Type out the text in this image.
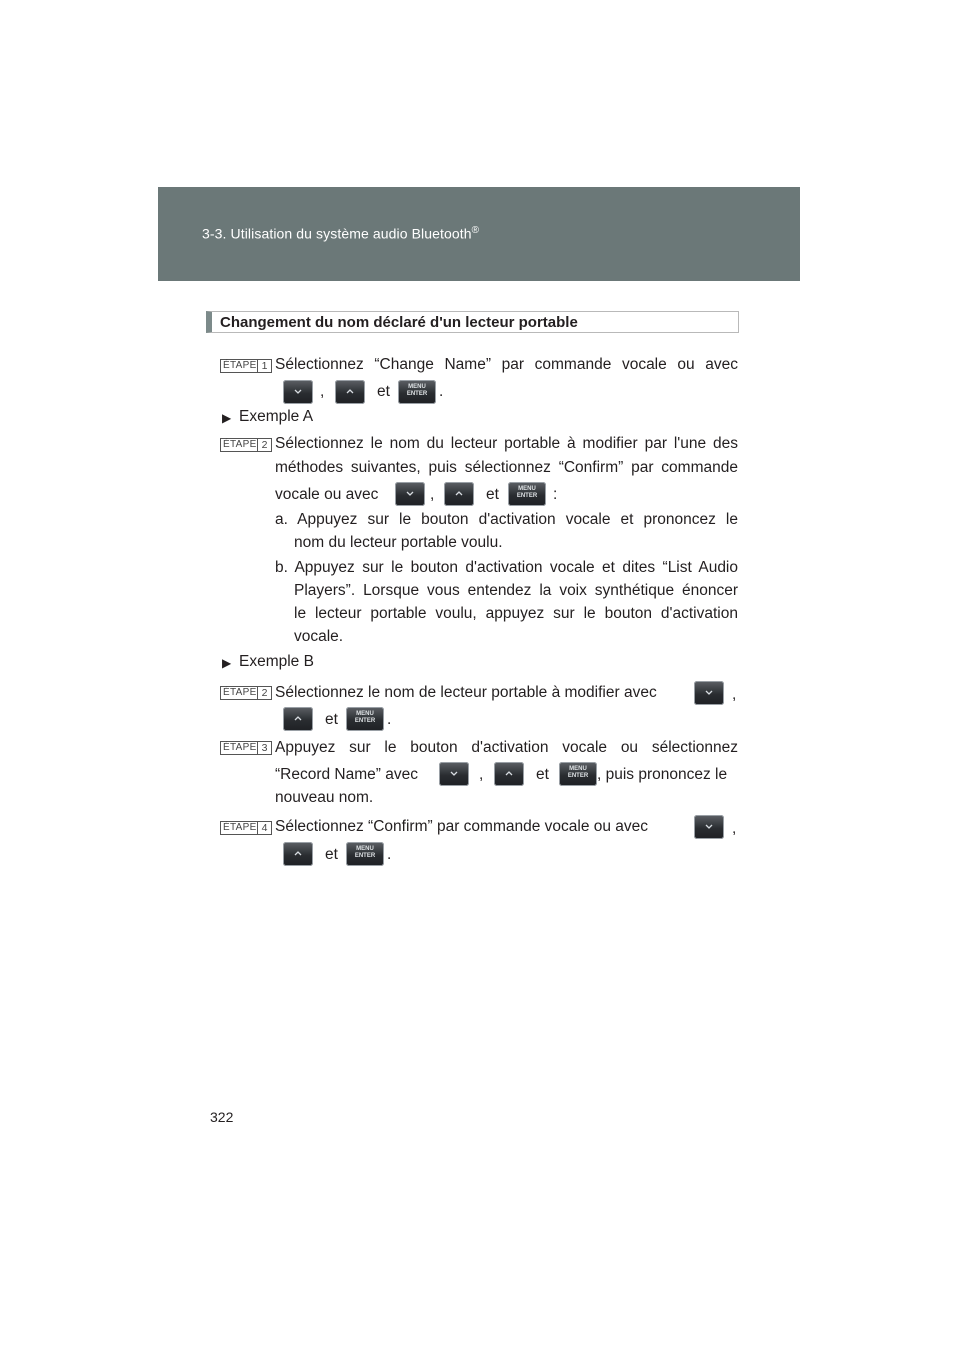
3-3. Utilisation du système audio Bluetooth®
Changement du nom déclaré d'un lecteur portable
ÉTAPE 1 Sélectionnez “Change Name” par commande vocale ou avec
,	et	MENU
ENTER .
▶ Exemple A
ÉTAPE 2 Sélectionnez le nom du lecteur portable à modifier par l'une des
méthodes suivantes, puis sélectionnez “Confirm” par commande
vocale ou avec	,	et	MENU
ENTER	:
a. Appuyez sur le bouton d'activation vocale et prononcez le
nom du lecteur portable voulu.
b. Appuyez sur le bouton d'activation vocale et dites “List Audio
Players”. Lorsque vous entendez la voix synthétique énoncer
le lecteur portable voulu, appuyez sur le bouton d'activation
vocale.
▶ Exemple B
ÉTAPE 2 Sélectionnez le nom de lecteur portable à modifier avec	,
et	MENU
ENTER .
ÉTAPE 3 Appuyez sur le bouton d'activation vocale ou sélectionnez
“Record Name” avec	,	et	MENU
ENTER , puis prononcez le
nouveau nom.
ÉTAPE 4 Sélectionnez “Confirm” par commande vocale ou avec	,
et	MENU
ENTER .
322
